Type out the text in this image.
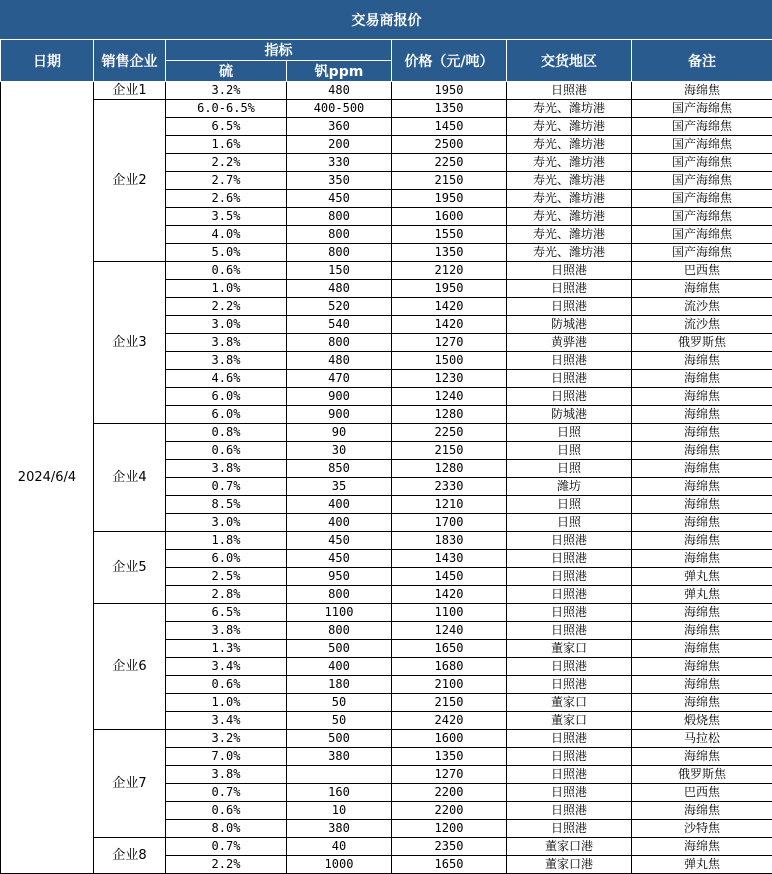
交易商报价						
日期	销售企业	指标		价格（元/吨）	交货地区	备注
		硫	钒ppm			
2024/6/4	企业1	3.2%	480	1950	日照港	海绵焦
	企业2	6.0-6.5%	400-500	1350	寿光、潍坊港	国产海绵焦
		6.5%	360	1450	寿光、潍坊港	国产海绵焦
		1.6%	200	2500	寿光、潍坊港	国产海绵焦
		2.2%	330	2250	寿光、潍坊港	国产海绵焦
		2.7%	350	2150	寿光、潍坊港	国产海绵焦
		2.6%	450	1950	寿光、潍坊港	国产海绵焦
		3.5%	800	1600	寿光、潍坊港	国产海绵焦
		4.0%	800	1550	寿光、潍坊港	国产海绵焦
		5.0%	800	1350	寿光、潍坊港	国产海绵焦
	企业3	0.6%	150	2120	日照港	巴西焦
		1.0%	480	1950	日照港	海绵焦
		2.2%	520	1420	日照港	流沙焦
		3.0%	540	1420	防城港	流沙焦
		3.8%	800	1270	黄骅港	俄罗斯焦
		3.8%	480	1500	日照港	海绵焦
		4.6%	470	1230	日照港	海绵焦
		6.0%	900	1240	日照港	海绵焦
		6.0%	900	1280	防城港	海绵焦
	企业4	0.8%	90	2250	日照	海绵焦
		0.6%	30	2150	日照	海绵焦
		3.8%	850	1280	日照	海绵焦
		0.7%	35	2330	潍坊	海绵焦
		8.5%	400	1210	日照	海绵焦
		3.0%	400	1700	日照	海绵焦
	企业5	1.8%	450	1830	日照港	海绵焦
		6.0%	450	1430	日照港	海绵焦
		2.5%	950	1450	日照港	弹丸焦
		2.8%	800	1420	日照港	弹丸焦
	企业6	6.5%	1100	1100	日照港	海绵焦
		3.8%	800	1240	日照港	海绵焦
		1.3%	500	1650	董家口	海绵焦
		3.4%	400	1680	日照港	海绵焦
		0.6%	180	2100	日照港	海绵焦
		1.0%	50	2150	董家口	海绵焦
		3.4%	50	2420	董家口	煅烧焦
	企业7	3.2%	500	1600	日照港	马拉松
		7.0%	380	1350	日照港	海绵焦
		3.8%		1270	日照港	俄罗斯焦
		0.7%	160	2200	日照港	巴西焦
		0.6%	10	2200	日照港	海绵焦
		8.0%	380	1200	日照港	沙特焦
	企业8	0.7%	40	2350	董家口港	海绵焦
		2.2%	1000	1650	董家口港	弹丸焦
